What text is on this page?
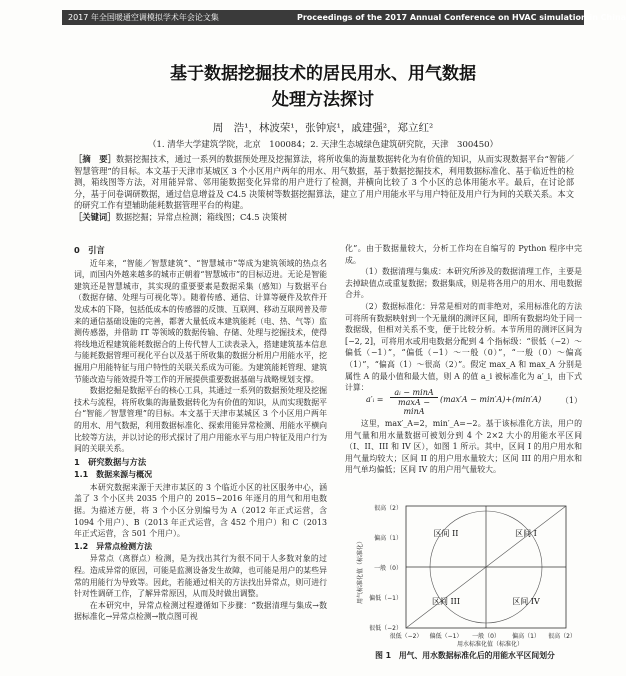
2017 年全国暖通空调模拟学术年会论文集	Proceedings of the 2017 Annual Conference on HVAC simulation in China
基于数据挖掘技术的居民用水、用气数据
处理方法探讨
周　浩¹，林波荣¹，张钟宸¹，戚建强²，郑立红²
（1. 清华大学建筑学院，北京　100084；2. 天津生态城绿色建筑研究院，天津　300450）
［摘　要］数据挖掘技术，通过一系列的数据预处理及挖掘算法，将所收集的海量数据转化为有价值的知识，从而实现数据平台“智能／智慧管理”的目标。本文基于天津市某城区 3 个小区用户两年的用水、用气数据，基于数据挖掘技术，利用数据标准化、基于临近性的检测，箱线图等方法，对用能异常、邻用能数据变化异常的用户进行了检测，并横向比较了 3 个小区的总体用能水平。最后，在讨论部分，基于问卷调研数据，通过信息增益及 C4.5 决策树等数据挖掘算法，建立了用户用能水平与用户特征及用户行为间的关联关系。本文的研究工作有望辅助能耗数据管理平台的构建。
［关键词］数据挖掘；异常点检测；箱线图；C4.5 决策树
0　引言

近年来，“智能／智慧建筑”、“智慧城市”等成为建筑领域的热点名词，而国内外越来越多的城市正朝着“智慧城市”的目标迈进。无论是智能建筑还是智慧城市，其实现的重要要素是数据采集（感知）与数据平台（数据存储、处理与可视化等）。随着传感、通信、计算等硬件及软件开发成本的下降，包括低成本的传感器的反馈、互联网、移动互联网普及带来的通信基础设施的完善，都著大量低成本建筑能耗（电、热、气等）监测传感器，并借助 IT 等领域的数据传输、存储、处理与挖掘技术，使得将线地近程建筑能耗数据合的上传代替人工读表录入，搭建建筑基本信息与能耗数据管理可视化平台以及基于所收集的数据分析用户用能水平，挖掘用户用能特征与用户特性的关联关系成为可能。为建筑能耗管理、建筑节能改造与能效提升等工作的开展提供重要数据基础与战略规划支撑。

数据挖掘是数据平台的核心工具，其通过一系列的数据预处理及挖掘技术与流程，将所收集的海量数据转化为有价值的知识，从而实现数据平台“智能／智慧管理”的目标。本文基于天津市某城区 3 个小区用户两年的用水、用气数据，利用数据标准化、探索用能异常检测、用能水平横向比较等方法，并以讨论的形式探讨了用户用能水平与用户特征及用户行为间的关联关系。

1　研究数据与方法
1.1　数据来源与概况

本研究数据来源于天津市某区的 3 个临近小区的社区服务中心，涵盖了 3 个小区共 2035 个用户的 2015~2016 年逐月的用气和用电数据。为描述方便，将 3 个小区分别编号为 A（2012 年正式运营，含 1094 个用户）、B（2013 年正式运营，含 452 个用户）和 C（2013 年正式运营，含 501 个用户）。

1.2　异常点检测方法

异常点（离群点）检测，是为找出其行为很不同于人多数对象的过程。造成异常的原因，可能是监测设备发生故障，也可能是用户的某些异常的用能行为导致等。因此，若能通过相关的方法找出异常点，则可进行针对性调研工作，了解异常原因，从而及时做出调整。

在本研究中，异常点检测过程遵循如下步骤：“数据清理与集成→数据标准化→异常点检测→散点图可视

化”。由于数据量较大，分析工作均在自编写的 Python 程序中完成。

（1）数据清理与集成：本研究所涉及的数据清理工作，主要是去掉缺值点或重复数据；数据集成，则是将各用户的用水、用电数据合并。

（2）数据标准化：异常是相对的而非绝对，采用标准化的方法可将所有数据映射到一个无量纲的测评区间，即所有数据均处于同一数据级，但相对关系不变，便于比较分析。本节所用的测评区间为 [−2, 2]，可将用水或用电数据分配到 4 个指标级：“很低（−2）～偏低（−1）”，“偏低（−1）～一般（0）”，“一般（0）～偏高（1）”，“偏高（1）～很高（2）”。假定 max_A 和 max_A 分别是属性 A 的最小值和最大值，则 A 的值 a_i 被标准化为 a′_i，由下式计算：

a′ᵢ =
aᵢ − minA
maxA − minA
(max′A − min′A)+(min′A) （1）

这里，max′_A=2，min′_A=−2。基于该标准化方法，用户的用气量和用水量数据可被划分到 4 个 2×2 大小的用能水平区间（I、II、III 和 IV 区），如图 1 所示。其中，区间 I 的用户用水和用气量均较大；区间 II 的用户用水量较大；区间 III 的用户用水和用气单均偏低；区间 IV 的用户用气量较大。

用气标准化值（标准化）
很高（2）
偏高（1）
一般（0）
偏低（−1）
很低（−2）
很低（−2） 偏低（−1） 一般（0） 偏高（1） 很高（2）
用水标准化值（标准化）
区间 II	区间 I
区间 III	区间 IV
图 1　用气、用水数据标准化后的用能水平区间划分
